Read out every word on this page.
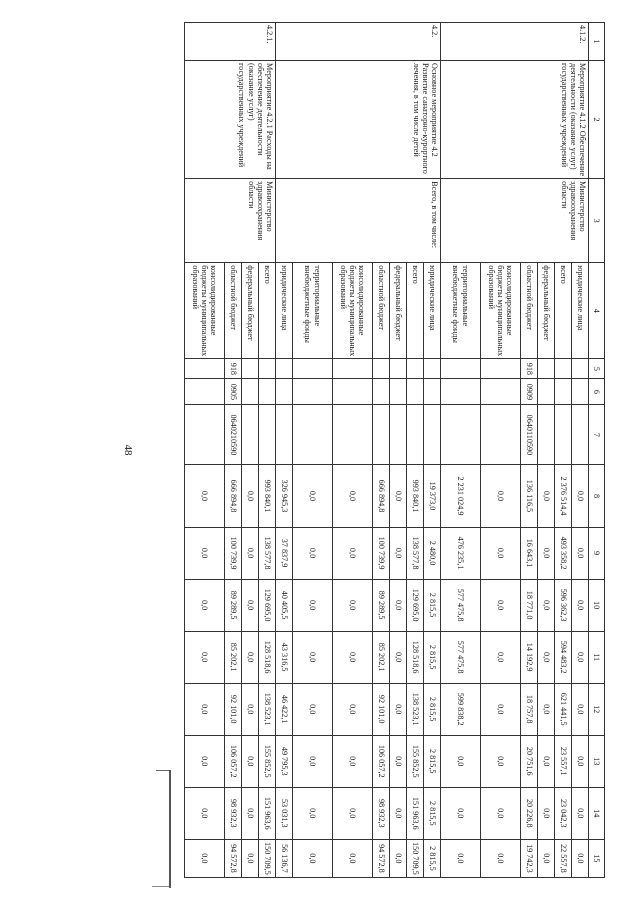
48
1	2	3	4	5	6	7	8	9	10	11	12	13	14	15
4.1.2.	Мероприятие 4.1.2 Обеспечение деятельности (оказание услуг) государственных учреждений	Министерство здравоохранения области	юридические лица				0,0	0,0	0,0	0,0	0,0	0,0	0,0	0,0
			всего				2 376 514,4	493 358,2	596 362,3	594 483,2	621 441,5	23 557,1	23 042,3	22 557,8
			федеральный бюджет				0,0	0,0	0,0	0,0	0,0	0,0	0,0	0,0
			областной бюджет	918	0909	0640110590	136 116,5	16 643,1	18 771,0	14 192,9	18 757,8	20 751,6	20 226,8	19 742,3
			консолидированные бюджеты муниципальных образований				0,0	0,0	0,0	0,0	0,0	0,0	0,0	0,0
			территориальные внебюджетные фонды				2 231 024,9	476 235,1	577 475,8	577 475,8	599 838,2	0,0	0,0	0,0
4.2.	Основное мероприятие 4.2 Развитие санаторно-курортного лечения, в том числе детей	Всего, в том числе:	юридические лица				19 373,0	2 480,0	2 815,5	2 815,5	2 815,5	2 815,5	2 815,5	2 815,5
			всего				993 840,1	138 577,8	129 695,0	128 518,6	138 523,1	155 852,5	151 963,6	150 709,5
			федеральный бюджет				0,0	0,0	0,0	0,0	0,0	0,0	0,0	0,0
			областной бюджет				666 894,8	100 739,9	89 289,5	85 202,1	92 101,0	106 057,2	98 932,3	94 572,8
			консолидированные бюджеты муниципальных образований				0,0	0,0	0,0	0,0	0,0	0,0	0,0	0,0
			территориальные внебюджетные фонды				0,0	0,0	0,0	0,0	0,0	0,0	0,0	0,0
			юридические лица				326 945,3	37 837,9	40 405,5	43 316,5	46 422,1	49 795,3	53 031,3	56 136,7
4.2.1.	Мероприятие 4.2.1 Расходы на обеспечение деятельности (оказание услуг) государственных учреждений	Министерство здравоохранения области	всего				993 840,1	138 577,8	129 695,0	128 518,6	138 523,1	155 852,5	151 963,6	150 709,5
			федеральный бюджет				0,0	0,0	0,0	0,0	0,0	0,0	0,0	0,0
			областной бюджет	918	0905	0640210590	666 894,8	100 739,9	89 289,5	85 202,1	92 101,0	106 057,2	98 932,3	94 572,8
			консолидированные бюджеты муниципальных образований				0,0	0,0	0,0	0,0	0,0	0,0	0,0	0,0
